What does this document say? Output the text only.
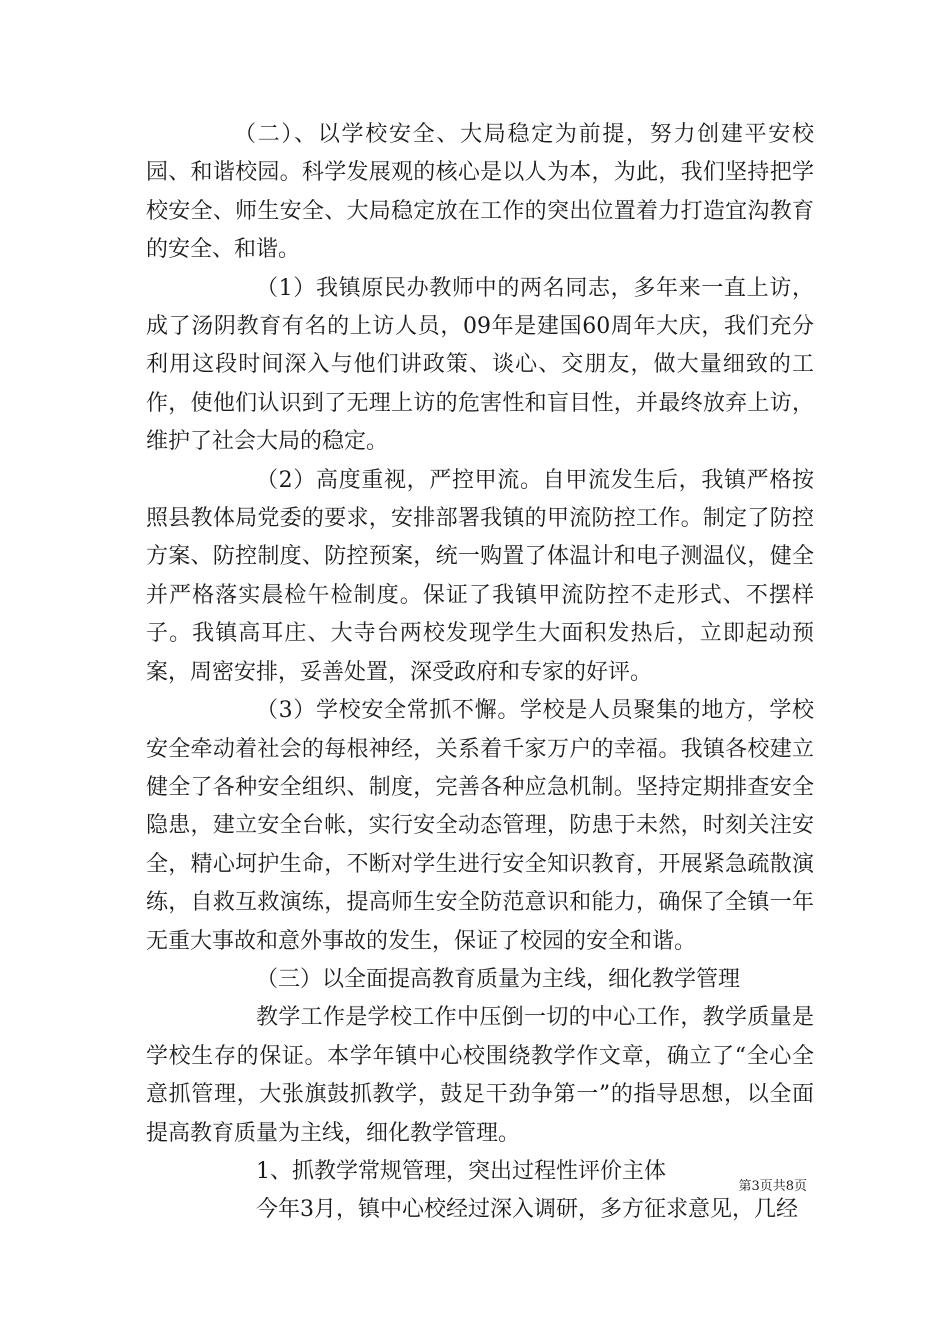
（二）、以学校安全、大局稳定为前提，努力创建平安校园、和谐校园。科学发展观的核心是以人为本，为此，我们坚持把学校安全、师生安全、大局稳定放在工作的突出位置着力打造宜沟教育的安全、和谐。

（1）我镇原民办教师中的两名同志，多年来一直上访，成了汤阴教育有名的上访人员，09年是建国60周年大庆，我们充分利用这段时间深入与他们讲政策、谈心、交朋友，做大量细致的工作，使他们认识到了无理上访的危害性和盲目性，并最终放弃上访，维护了社会大局的稳定。

（2）高度重视，严控甲流。自甲流发生后，我镇严格按照县教体局党委的要求，安排部署我镇的甲流防控工作。制定了防控方案、防控制度、防控预案，统一购置了体温计和电子测温仪，健全并严格落实晨检午检制度。保证了我镇甲流防控不走形式、不摆样子。我镇高耳庄、大寺台两校发现学生大面积发热后，立即起动预案，周密安排，妥善处置，深受政府和专家的好评。

（3）学校安全常抓不懈。学校是人员聚集的地方，学校安全牵动着社会的每根神经，关系着千家万户的幸福。我镇各校建立健全了各种安全组织、制度，完善各种应急机制。坚持定期排查安全隐患，建立安全台帐，实行安全动态管理，防患于未然，时刻关注安全，精心坷护生命，不断对学生进行安全知识教育，开展紧急疏散演练，自救互救演练，提高师生安全防范意识和能力，确保了全镇一年无重大事故和意外事故的发生，保证了校园的安全和谐。

（三）以全面提高教育质量为主线，细化教学管理

教学工作是学校工作中压倒一切的中心工作，教学质量是学校生存的保证。本学年镇中心校围绕教学作文章，确立了“全心全意抓管理，大张旗鼓抓教学，鼓足干劲争第一”的指导思想，以全面提高教育质量为主线，细化教学管理。

1、抓教学常规管理，突出过程性评价主体

今年3月，镇中心校经过深入调研，多方征求意见，几经

第3页共8页
